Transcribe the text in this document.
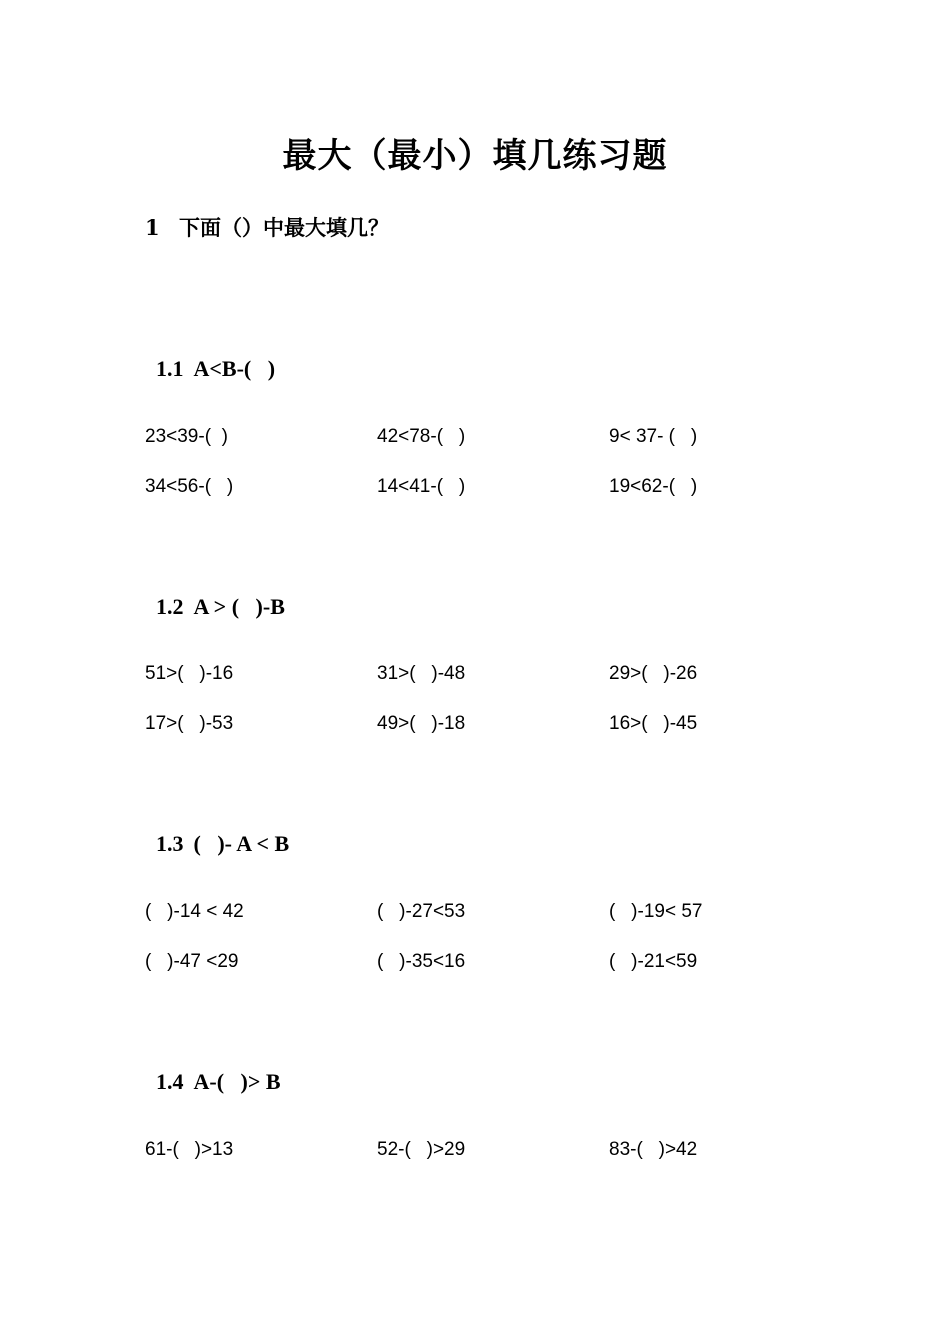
最大（最小）填几练习题
1 下面（）中最大填几？

1.1 A<B-(   )

23<39-(  )	42<78-(   )	9< 37- (   )
34<56-(   )	14<41-(   )	19<62-(   )

1.2 A > (   )-B

51>(   )-16	31>(   )-48	29>(   )-26
17>(   )-53	49>(   )-18	16>(   )-45

1.3 (   )- A < B

(   )-14 < 42	(   )-27<53	(   )-19< 57
(   )-47 <29	(   )-35<16	(   )-21<59

1.4 A-(   )> B

61-(   )>13	52-(   )>29	83-(   )>42
